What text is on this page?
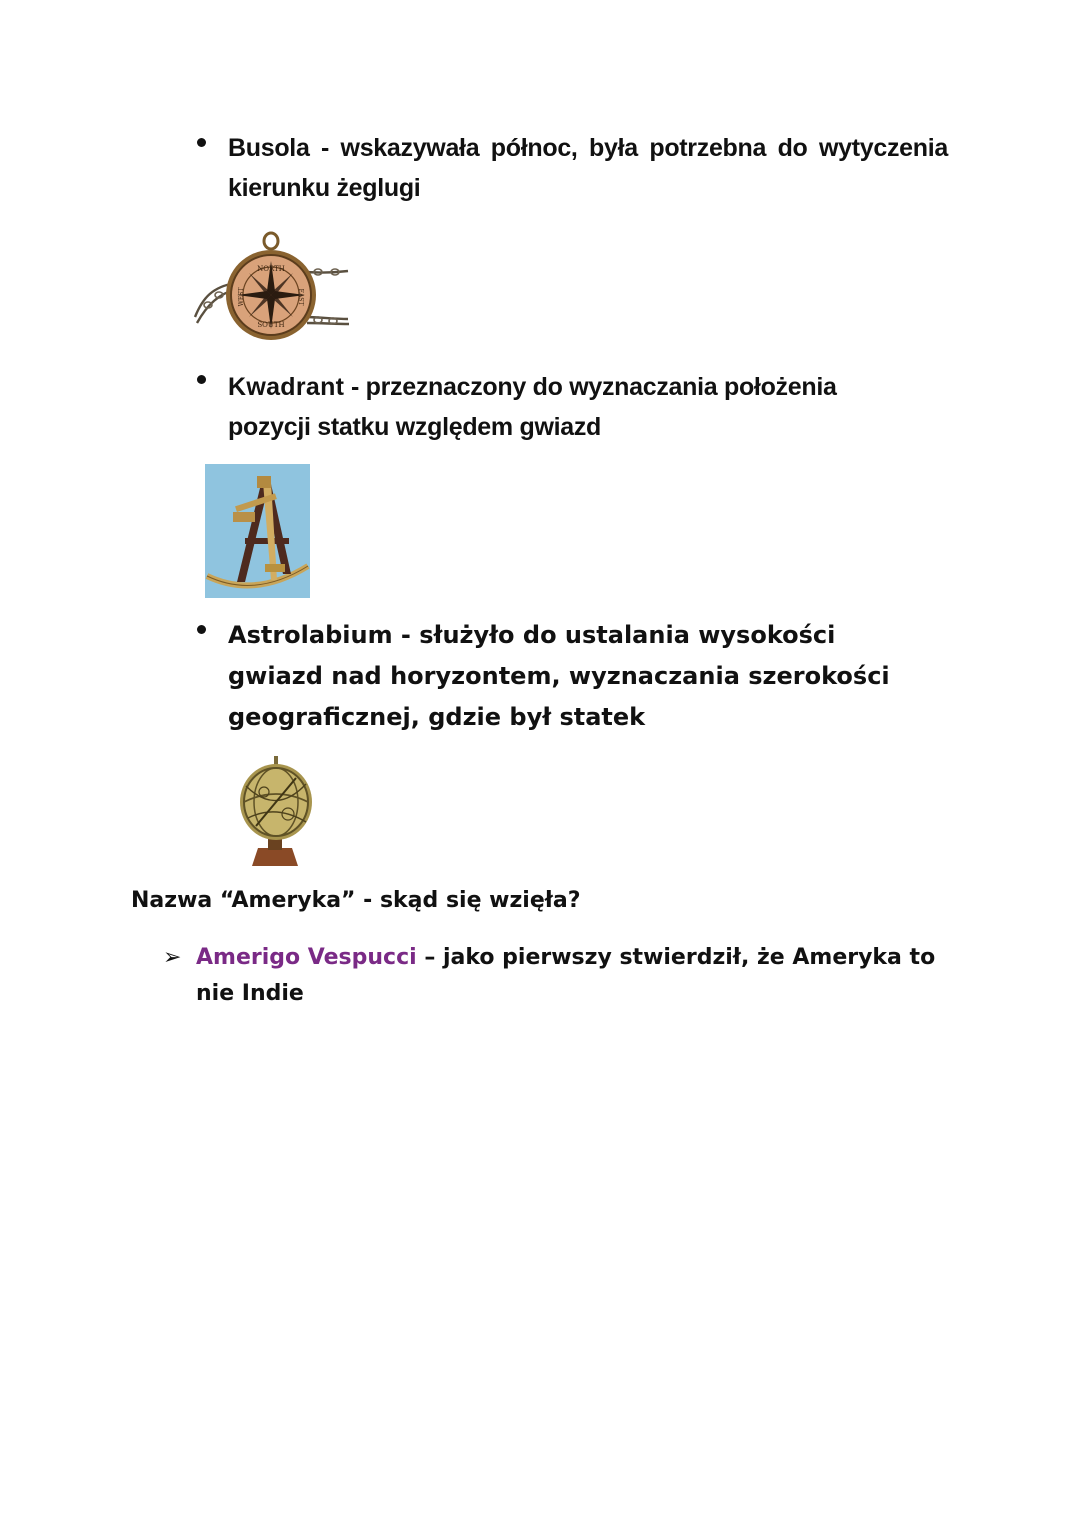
Busola - wskazywała północ, była potrzebna do wytyczenia kierunku żeglugi
NORTH
SOUTH
EAST
WEST
Kwadrant - przeznaczony do wyznaczania położenia pozycji statku względem gwiazd
Astrolabium - służyło do ustalania wysokości gwiazd nad horyzontem, wyznaczania szerokości geograficznej, gdzie był statek
Nazwa “Ameryka” - skąd się wzięła?
➢ Amerigo Vespucci – jako pierwszy stwierdził, że Ameryka to nie Indie
